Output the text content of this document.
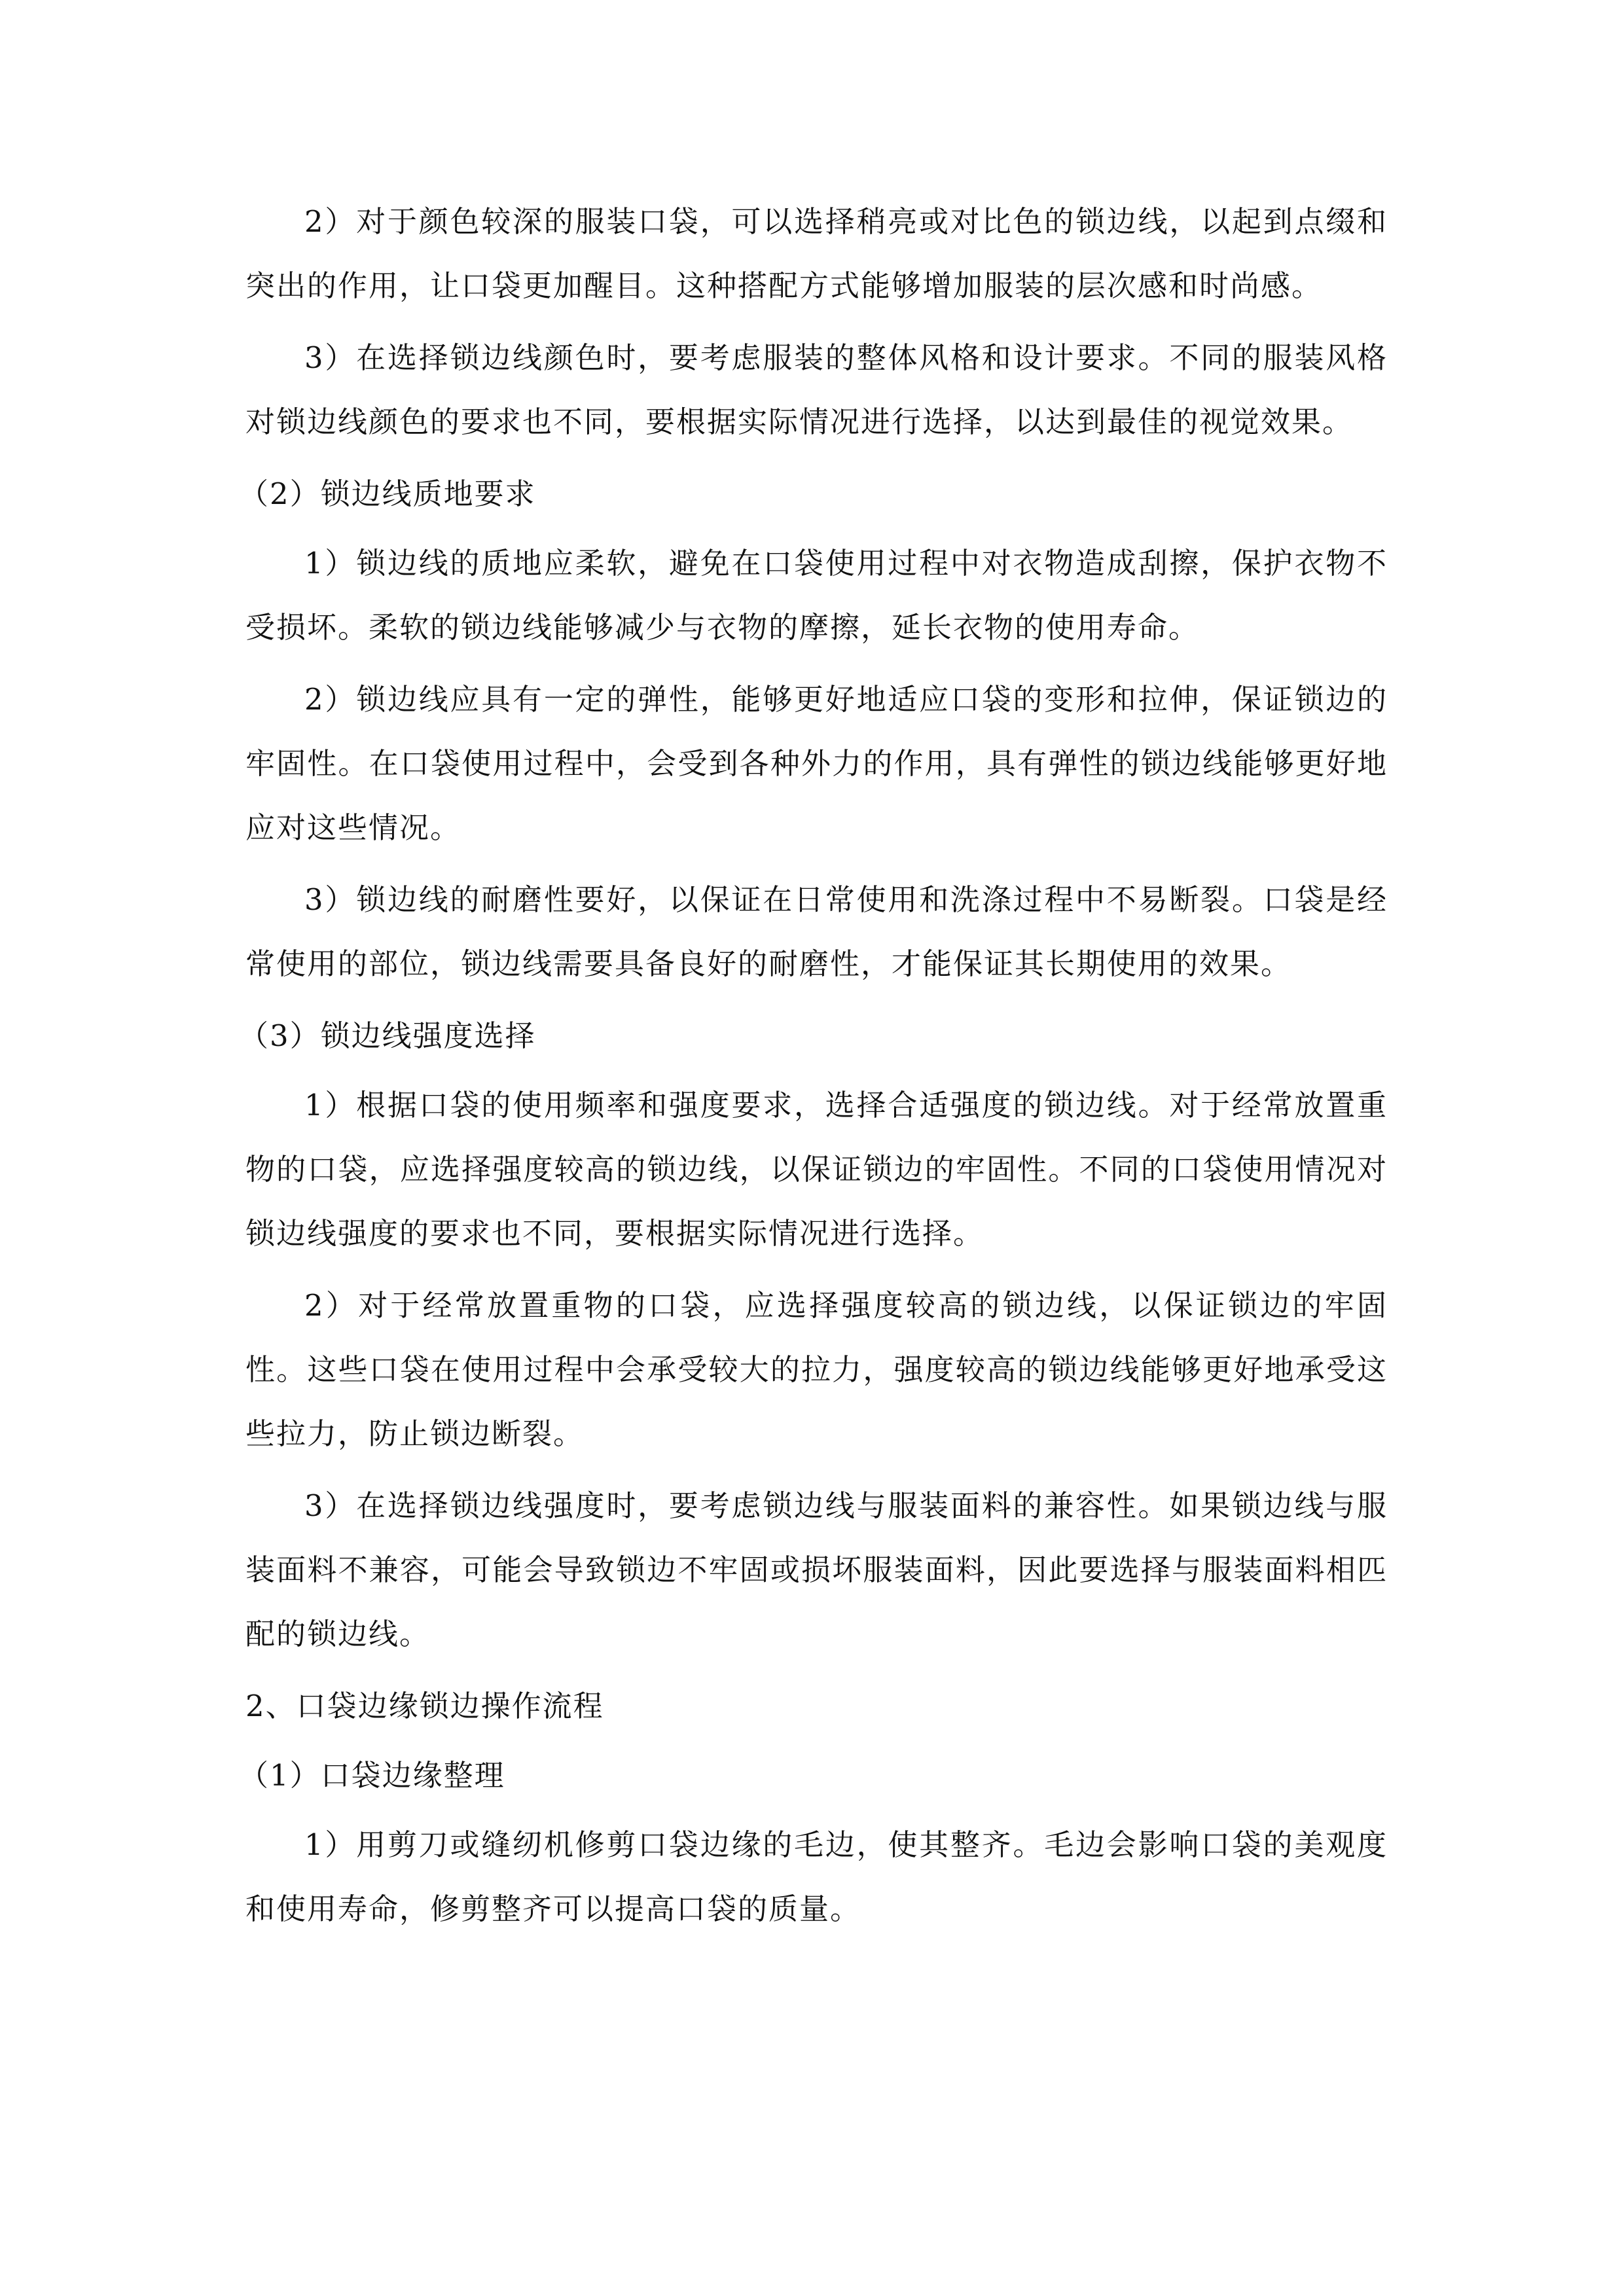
2）对于颜色较深的服装口袋，可以选择稍亮或对比色的锁边线，以起到点缀和突出的作用，让口袋更加醒目。这种搭配方式能够增加服装的层次感和时尚感。

3）在选择锁边线颜色时，要考虑服装的整体风格和设计要求。不同的服装风格对锁边线颜色的要求也不同，要根据实际情况进行选择，以达到最佳的视觉效果。

（2）锁边线质地要求

1）锁边线的质地应柔软，避免在口袋使用过程中对衣物造成刮擦，保护衣物不受损坏。柔软的锁边线能够减少与衣物的摩擦，延长衣物的使用寿命。

2）锁边线应具有一定的弹性，能够更好地适应口袋的变形和拉伸，保证锁边的牢固性。在口袋使用过程中，会受到各种外力的作用，具有弹性的锁边线能够更好地应对这些情况。

3）锁边线的耐磨性要好，以保证在日常使用和洗涤过程中不易断裂。口袋是经常使用的部位，锁边线需要具备良好的耐磨性，才能保证其长期使用的效果。

（3）锁边线强度选择

1）根据口袋的使用频率和强度要求，选择合适强度的锁边线。对于经常放置重物的口袋，应选择强度较高的锁边线，以保证锁边的牢固性。不同的口袋使用情况对锁边线强度的要求也不同，要根据实际情况进行选择。

2）对于经常放置重物的口袋，应选择强度较高的锁边线，以保证锁边的牢固性。这些口袋在使用过程中会承受较大的拉力，强度较高的锁边线能够更好地承受这些拉力，防止锁边断裂。

3）在选择锁边线强度时，要考虑锁边线与服装面料的兼容性。如果锁边线与服装面料不兼容，可能会导致锁边不牢固或损坏服装面料，因此要选择与服装面料相匹配的锁边线。

2、口袋边缘锁边操作流程
（1）口袋边缘整理

1）用剪刀或缝纫机修剪口袋边缘的毛边，使其整齐。毛边会影响口袋的美观度和使用寿命，修剪整齐可以提高口袋的质量。
